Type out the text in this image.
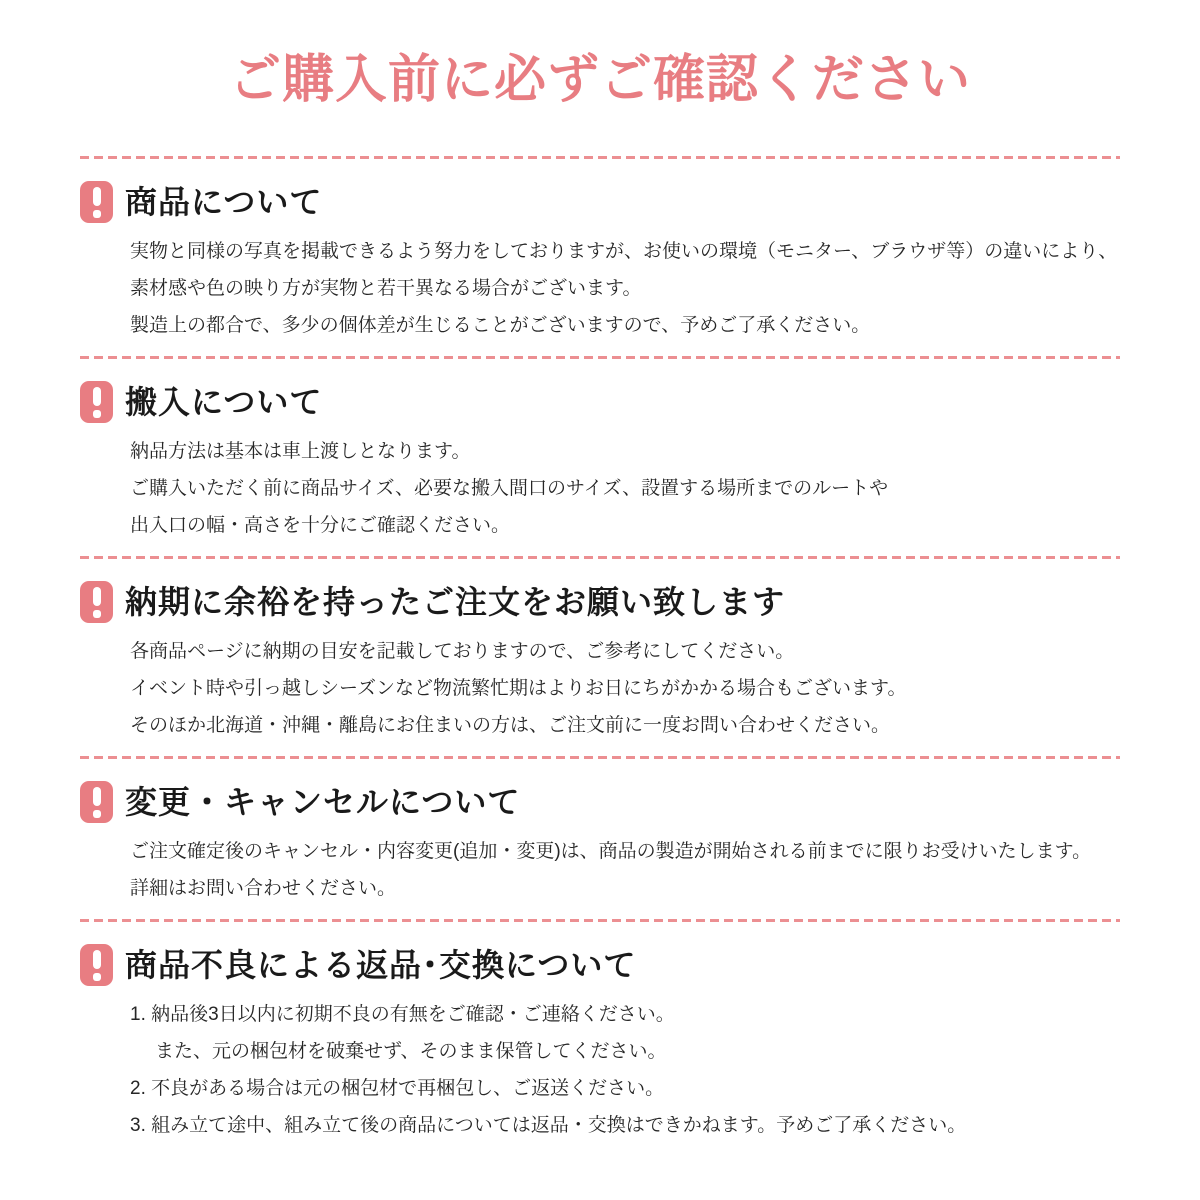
ご購入前に必ずご確認ください
商品について

実物と同様の写真を掲載できるよう努力をしておりますが、お使いの環境（モニター、ブラウザ等）の違いにより、

素材感や色の映り方が実物と若干異なる場合がございます。

製造上の都合で、多少の個体差が生じることがございますので、予めご了承ください。

搬入について

納品方法は基本は車上渡しとなります。

ご購入いただく前に商品サイズ、必要な搬入間口のサイズ、設置する場所までのルートや

出入口の幅・高さを十分にご確認ください。

納期に余裕を持ったご注文をお願い致します

各商品ページに納期の目安を記載しておりますので、ご参考にしてください。

イベント時や引っ越しシーズンなど物流繁忙期はよりお日にちがかかる場合もございます。

そのほか北海道・沖縄・離島にお住まいの方は、ご注文前に一度お問い合わせください。

変更・キャンセルについて

ご注文確定後のキャンセル・内容変更(追加・変更)は、商品の製造が開始される前までに限りお受けいたします。

詳細はお問い合わせください。

商品不良による返品･交換について

1. 納品後3日以内に初期不良の有無をご確認・ご連絡ください。

また、元の梱包材を破棄せず、そのまま保管してください。

2. 不良がある場合は元の梱包材で再梱包し、ご返送ください。

3. 組み立て途中、組み立て後の商品については返品・交換はできかねます。予めご了承ください。
